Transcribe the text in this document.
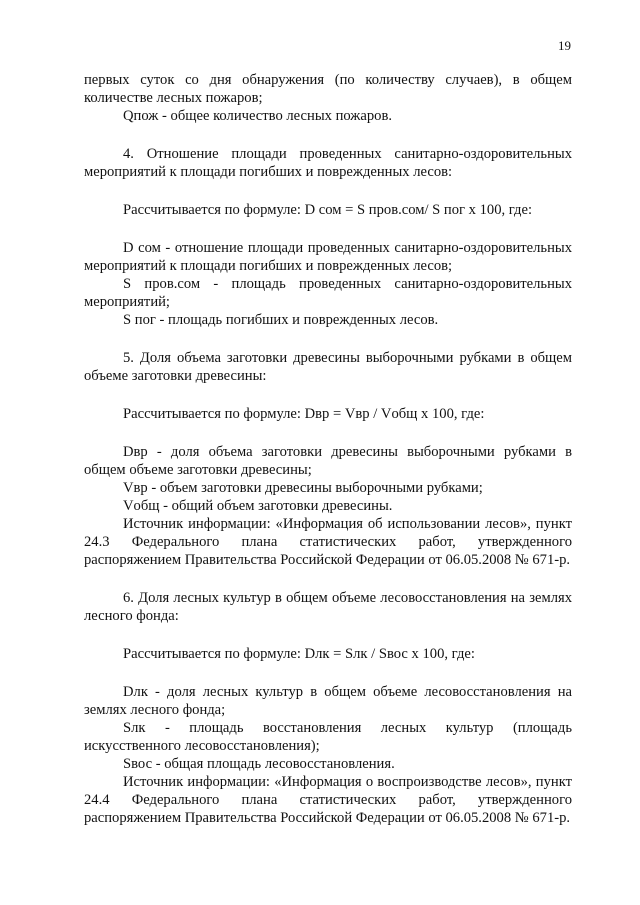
19

первых суток со дня обнаружения (по количеству случаев), в общем количестве лесных пожаров;

Qпож - общее количество лесных пожаров.

4. Отношение площади проведенных санитарно-оздоровительных мероприятий к площади погибших и поврежденных лесов:

Рассчитывается по формуле: D сом = S пров.сом/ S пог х 100, где:

D сом - отношение площади проведенных санитарно-оздоровительных мероприятий к площади погибших и поврежденных лесов;

S пров.сом - площадь проведенных санитарно-оздоровительных мероприятий;

S пог - площадь погибших и поврежденных лесов.

5. Доля объема заготовки древесины выборочными рубками в общем объеме заготовки древесины:

Рассчитывается по формуле: Dвр = Vвр / Vобщ х 100, где:

Dвр - доля объема заготовки древесины выборочными рубками в общем объеме заготовки древесины;

Vвр - объем заготовки древесины выборочными рубками;

Vобщ - общий объем заготовки древесины.

Источник информации: «Информация об использовании лесов», пункт 24.3 Федерального плана статистических работ, утвержденного распоряжением Правительства Российской Федерации от 06.05.2008 № 671-р.

6. Доля лесных культур в общем объеме лесовосстановления на землях лесного фонда:

Рассчитывается по формуле: Dлк = Sлк / Sвос х 100, где:

Dлк - доля лесных культур в общем объеме лесовосстановления на землях лесного фонда;

Sлк - площадь восстановления лесных культур (площадь искусственного лесовосстановления);

Sвос - общая площадь лесовосстановления.

Источник информации: «Информация о воспроизводстве лесов», пункт 24.4 Федерального плана статистических работ, утвержденного распоряжением Правительства Российской Федерации от 06.05.2008 № 671-р.
